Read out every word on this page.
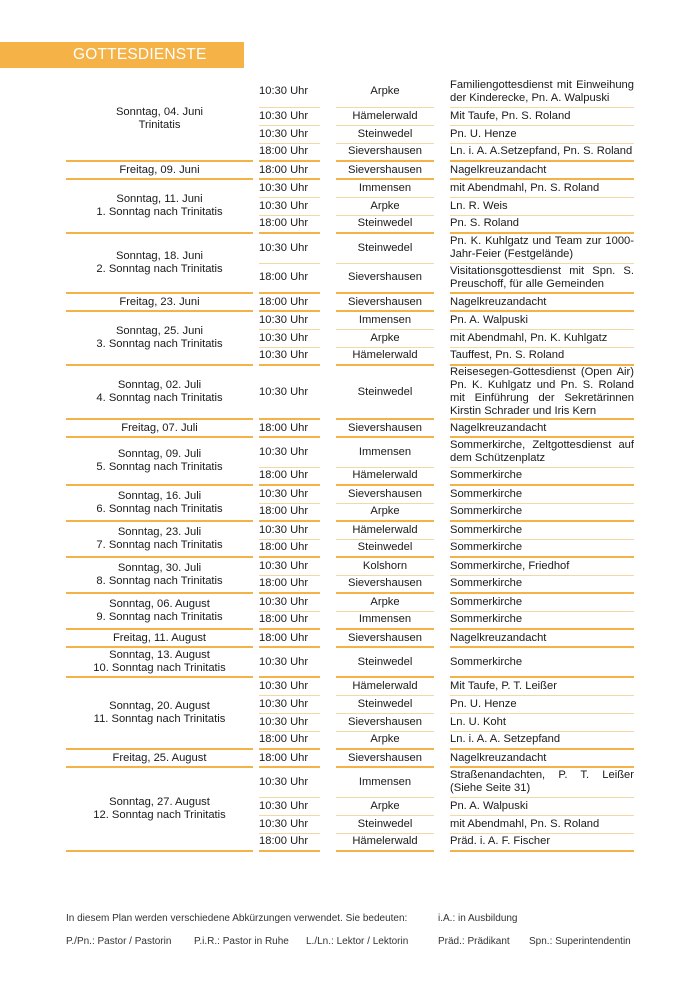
GOTTESDIENSTE
Sonntag, 04. Juni
Trinitatis	10:30 Uhr	Arpke	Familiengottesdienst mit Einweihung der Kinderecke, Pn. A. Walpuski
	10:30 Uhr	Hämelerwald	Mit Taufe, Pn. S. Roland
	10:30 Uhr	Steinwedel	Pn. U. Henze
	18:00 Uhr	Sievershausen	Ln. i. A. A.Setzepfand, Pn. S. Roland

Freitag, 09. Juni	18:00 Uhr	Sievershausen	Nagelkreuzandacht

Sonntag, 11. Juni
1. Sonntag nach Trinitatis	10:30 Uhr	Immensen	mit Abendmahl, Pn. S. Roland
	10:30 Uhr	Arpke	Ln. R. Weis
	18:00 Uhr	Steinwedel	Pn. S. Roland

Sonntag, 18. Juni
2. Sonntag nach Trinitatis	10:30 Uhr	Steinwedel	Pn. K. Kuhlgatz und Team zur 1000-Jahr-Feier (Festgelände)
	18:00 Uhr	Sievershausen	Visitationsgottesdienst mit Spn. S. Preuschoff, für alle Gemeinden

Freitag, 23. Juni	18:00 Uhr	Sievershausen	Nagelkreuzandacht

Sonntag, 25. Juni
3. Sonntag nach Trinitatis	10:30 Uhr	Immensen	Pn. A. Walpuski
	10:30 Uhr	Arpke	mit Abendmahl, Pn. K. Kuhlgatz
	10:30 Uhr	Hämelerwald	Tauffest, Pn. S. Roland

Sonntag, 02. Juli
4. Sonntag nach Trinitatis	10:30 Uhr	Steinwedel	Reisesegen-Gottesdienst (Open Air) Pn. K. Kuhlgatz und Pn. S. Roland mit Einführung der Sekretärinnen Kirstin Schrader und Iris Kern

Freitag, 07. Juli	18:00 Uhr	Sievershausen	Nagelkreuzandacht

Sonntag, 09. Juli
5. Sonntag nach Trinitatis	10:30 Uhr	Immensen	Sommerkirche, Zeltgottesdienst auf dem Schützenplatz
	18:00 Uhr	Hämelerwald	Sommerkirche

Sonntag, 16. Juli
6. Sonntag nach Trinitatis	10:30 Uhr	Sievershausen	Sommerkirche
	18:00 Uhr	Arpke	Sommerkirche

Sonntag, 23. Juli
7. Sonntag nach Trinitatis	10:30 Uhr	Hämelerwald	Sommerkirche
	18:00 Uhr	Steinwedel	Sommerkirche

Sonntag, 30. Juli
8. Sonntag nach Trinitatis	10:30 Uhr	Kolshorn	Sommerkirche, Friedhof
	18:00 Uhr	Sievershausen	Sommerkirche

Sonntag, 06. August
9. Sonntag nach Trinitatis	10:30 Uhr	Arpke	Sommerkirche
	18:00 Uhr	Immensen	Sommerkirche

Freitag, 11. August	18:00 Uhr	Sievershausen	Nagelkreuzandacht

Sonntag, 13. August
10. Sonntag nach Trinitatis	10:30 Uhr	Steinwedel	Sommerkirche

Sonntag, 20. August
11. Sonntag nach Trinitatis	10:30 Uhr	Hämelerwald	Mit Taufe, P. T. Leißer
	10:30 Uhr	Steinwedel	Pn. U. Henze
	10:30 Uhr	Sievershausen	Ln. U. Koht
	18:00 Uhr	Arpke	Ln. i. A. A. Setzepfand

Freitag, 25. August	18:00 Uhr	Sievershausen	Nagelkreuzandacht

Sonntag, 27. August
12. Sonntag nach Trinitatis	10:30 Uhr	Immensen	Straßenandachten, P. T. Leißer (Siehe Seite 31)
	10:30 Uhr	Arpke	Pn. A. Walpuski
	10:30 Uhr	Steinwedel	mit Abendmahl, Pn. S. Roland
	18:00 Uhr	Hämelerwald	Präd. i. A. F. Fischer
In diesem Plan werden verschiedene Abkürzungen verwendet. Sie bedeuten:	i.A.: in Ausbildung
P./Pn.: Pastor / Pastorin P.i.R.: Pastor in Ruhe L./Ln.: Lektor / Lektorin	Präd.: Prädikant Spn.: Superintendentin
